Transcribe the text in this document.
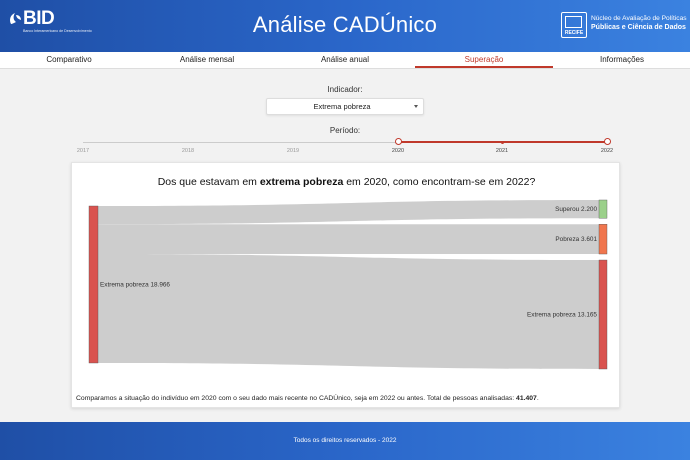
BID
Banco Interamericano de Desenvolvimento	Análise CADÚnico	RECIFE
Núcleo de Avaliação de Políticas
Públicas e Ciência de Dados
Comparativo	Análise mensal	Análise anual	Superação	Informações
Indicador:
Extrema pobreza
Período:
2017	2018	2019	2020	2021	2022
Dos que estavam em extrema pobreza em 2020, como encontram-se em 2022?
Extrema pobreza 18.966
Superou 2.200
Pobreza 3.601
Extrema pobreza 13.165
Comparamos a situação do indivíduo em 2020 com o seu dado mais recente no CADÚnico, seja em 2022 ou antes. Total de pessoas analisadas: 41.407.
Todos os direitos reservados - 2022
